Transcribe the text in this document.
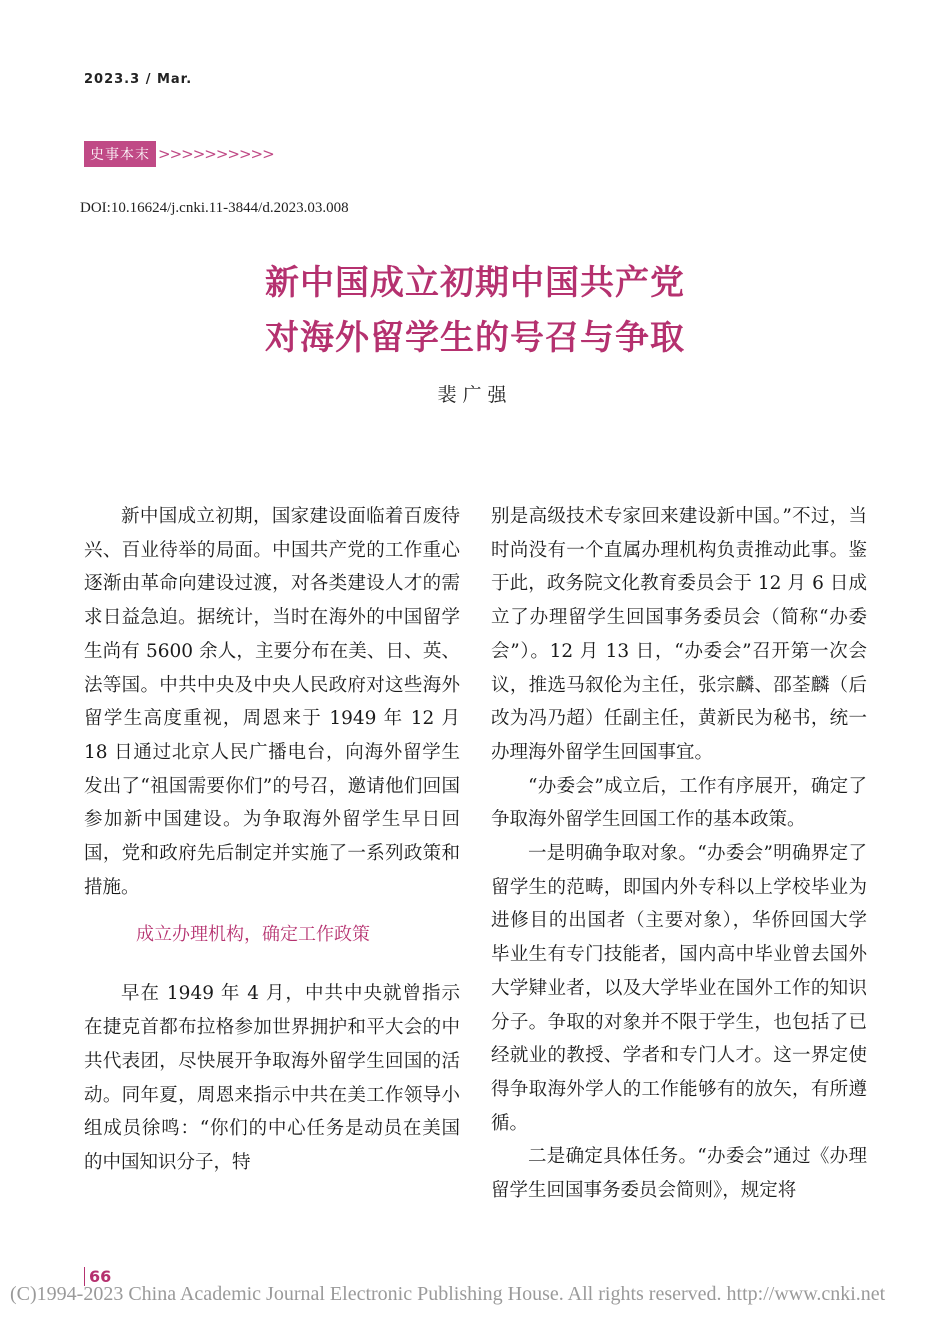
2023.3 / Mar.
史事本末 >>>>>>>>>>
DOI:10.16624/j.cnki.11-3844/d.2023.03.008
新中国成立初期中国共产党
对海外留学生的号召与争取
裴广强

新中国成立初期，国家建设面临着百废待兴、百业待举的局面。中国共产党的工作重心逐渐由革命向建设过渡，对各类建设人才的需求日益急迫。据统计，当时在海外的中国留学生尚有 5600 余人，主要分布在美、日、英、法等国。中共中央及中央人民政府对这些海外留学生高度重视，周恩来于 1949 年 12 月 18 日通过北京人民广播电台，向海外留学生发出了“祖国需要你们”的号召，邀请他们回国参加新中国建设。为争取海外留学生早日回国，党和政府先后制定并实施了一系列政策和措施。

成立办理机构，确定工作政策

早在 1949 年 4 月，中共中央就曾指示在捷克首都布拉格参加世界拥护和平大会的中共代表团，尽快展开争取海外留学生回国的活动。同年夏，周恩来指示中共在美工作领导小组成员徐鸣：“你们的中心任务是动员在美国的中国知识分子，特

别是高级技术专家回来建设新中国。”不过，当时尚没有一个直属办理机构负责推动此事。鉴于此，政务院文化教育委员会于 12 月 6 日成立了办理留学生回国事务委员会（简称“办委会”）。12 月 13 日，“办委会”召开第一次会议，推选马叙伦为主任，张宗麟、邵荃麟（后改为冯乃超）任副主任，黄新民为秘书，统一办理海外留学生回国事宜。

“办委会”成立后，工作有序展开，确定了争取海外留学生回国工作的基本政策。

一是明确争取对象。“办委会”明确界定了留学生的范畴，即国内外专科以上学校毕业为进修目的出国者（主要对象），华侨回国大学毕业生有专门技能者，国内高中毕业曾去国外大学肄业者，以及大学毕业在国外工作的知识分子。争取的对象并不限于学生，也包括了已经就业的教授、学者和专门人才。这一界定使得争取海外学人的工作能够有的放矢，有所遵循。

二是确定具体任务。“办委会”通过《办理留学生回国事务委员会简则》，规定将

66
(C)1994-2023 China Academic Journal Electronic Publishing House. All rights reserved. http://www.cnki.net
